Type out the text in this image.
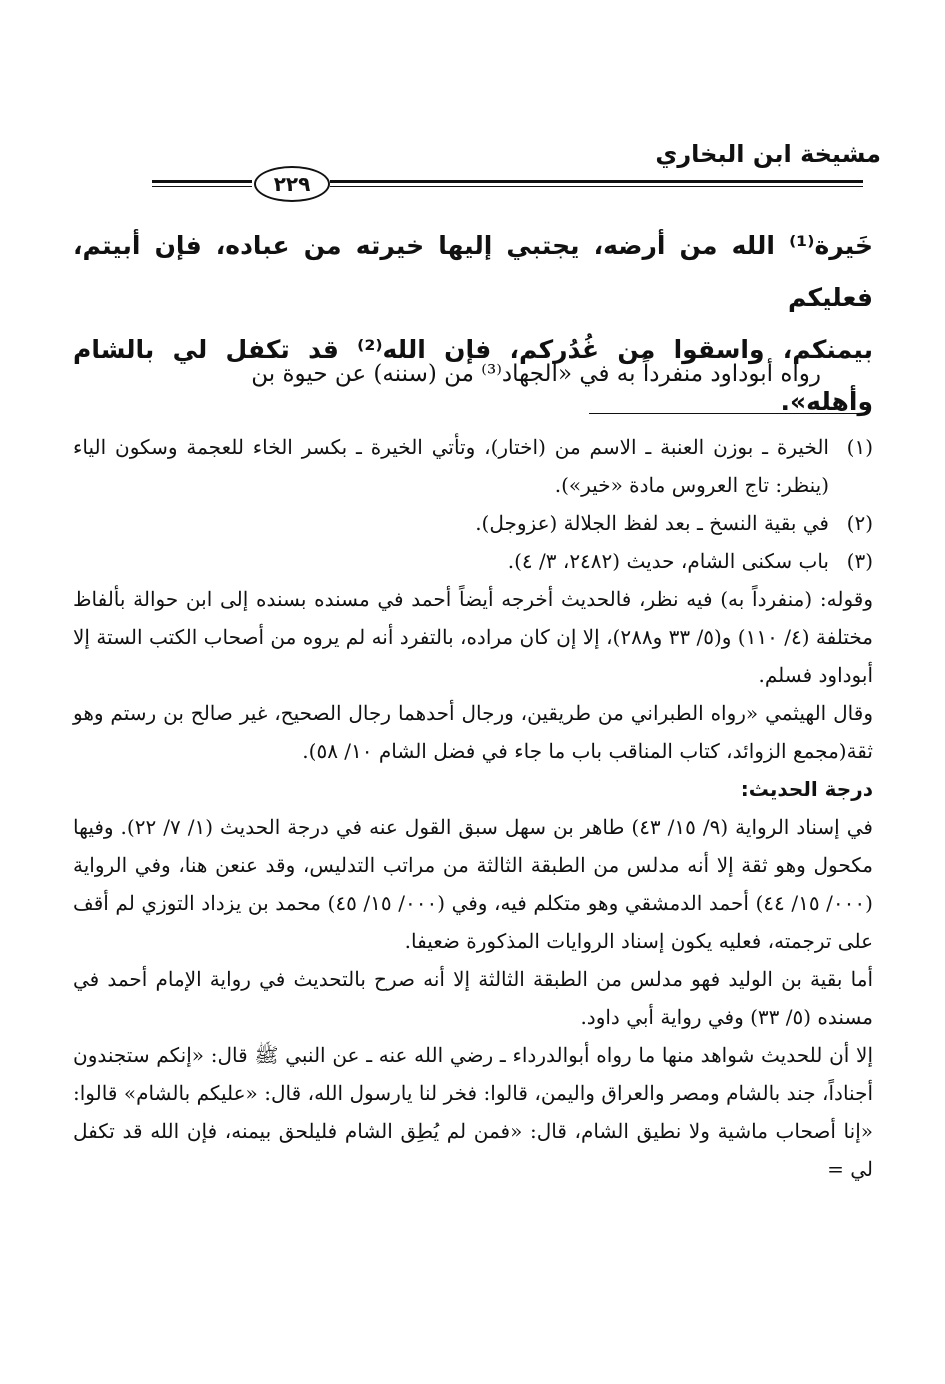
مشيخة ابن البخاري
٢٢٩

خَيرة⁽¹⁾ الله من أرضه، يجتبي إليها خيرته من عباده، فإن أبيتم، فعليكم

بيمنكم، واسقوا من غُدُركم، فإن الله⁽²⁾ قد تكفل لي بالشام وأهله».

رواه أبوداود منفرداً به في «الجهاد⁽³⁾ من (سننه) عن حيوة بن

(١)
الخيرة ـ بوزن العنبة ـ الاسم من (اختار)، وتأتي الخيرة ـ بكسر الخاء للعجمة وسكون الياء (ينظر: تاج العروس مادة «خير»).
(٢)
في بقية النسخ ـ بعد لفظ الجلالة (عزوجل).
(٣)
باب سكنى الشام، حديث (٢٤٨٢، ٣/ ٤).

وقوله: (منفرداً به) فيه نظر، فالحديث أخرجه أيضاً أحمد في مسنده بسنده إلى ابن حوالة بألفاظ مختلفة (٤/ ١١٠) و(٥/ ٣٣ و٢٨٨)، إلا إن كان مراده، بالتفرد أنه لم يروه من أصحاب الكتب الستة إلا أبوداود فسلم.

وقال الهيثمي «رواه الطبراني من طريقين، ورجال أحدهما رجال الصحيح، غير صالح بن رستم وهو ثقة(مجمع الزوائد، كتاب المناقب باب ما جاء في فضل الشام ١٠/ ٥٨).

درجة الحديث:

في إسناد الرواية (٩/ ١٥/ ٤٣) طاهر بن سهل سبق القول عنه في درجة الحديث (١/ ٧/ ٢٢). وفيها مكحول وهو ثقة إلا أنه مدلس من الطبقة الثالثة من مراتب التدليس، وقد عنعن هنا، وفي الرواية (٠٠٠/ ١٥/ ٤٤) أحمد الدمشقي وهو متكلم فيه، وفي (٠٠٠/ ١٥/ ٤٥) محمد بن يزداد التوزي لم أقف على ترجمته، فعليه يكون إسناد الروايات المذكورة ضعيفا.

أما بقية بن الوليد فهو مدلس من الطبقة الثالثة إلا أنه صرح بالتحديث في رواية الإمام أحمد في مسنده (٥/ ٣٣) وفي رواية أبي داود.

إلا أن للحديث شواهد منها ما رواه أبوالدرداء ـ رضي الله عنه ـ عن النبي ﷺ قال: «إنكم ستجندون أجناداً، جند بالشام ومصر والعراق واليمن، قالوا: فخر لنا يارسول الله، قال: «عليكم بالشام» قالوا: «إنا أصحاب ماشية ولا نطيق الشام، قال: «فمن لم يُطِق الشام فليلحق بيمنه، فإن الله قد تكفل لي =
